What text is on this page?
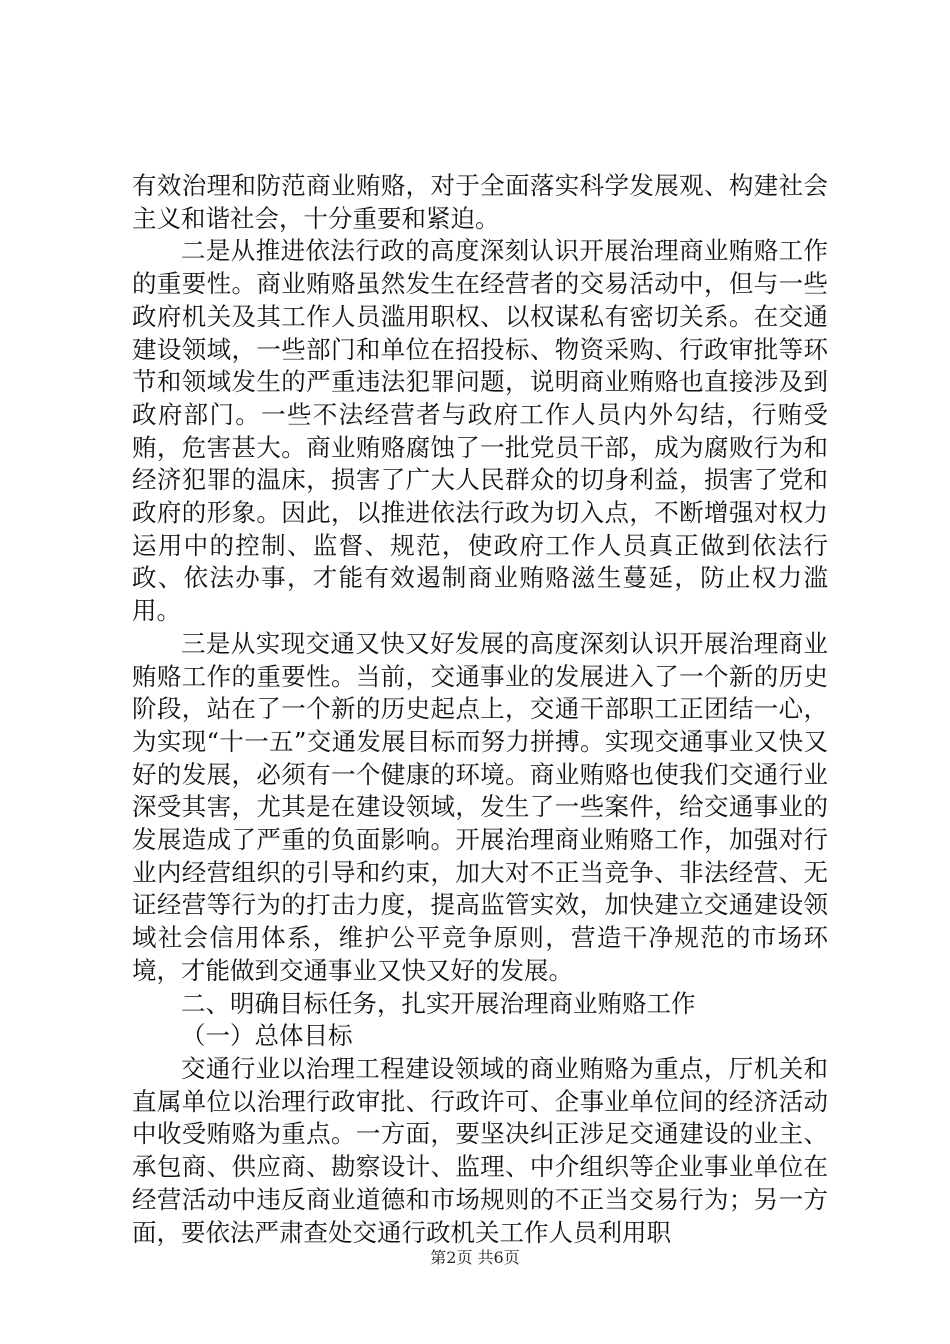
有效治理和防范商业贿赂，对于全面落实科学发展观、构建社会主义和谐社会，十分重要和紧迫。

二是从推进依法行政的高度深刻认识开展治理商业贿赂工作的重要性。商业贿赂虽然发生在经营者的交易活动中，但与一些政府机关及其工作人员滥用职权、以权谋私有密切关系。在交通建设领域，一些部门和单位在招投标、物资采购、行政审批等环节和领域发生的严重违法犯罪问题，说明商业贿赂也直接涉及到政府部门。一些不法经营者与政府工作人员内外勾结，行贿受贿，危害甚大。商业贿赂腐蚀了一批党员干部，成为腐败行为和经济犯罪的温床，损害了广大人民群众的切身利益，损害了党和政府的形象。因此，以推进依法行政为切入点，不断增强对权力运用中的控制、监督、规范，使政府工作人员真正做到依法行政、依法办事，才能有效遏制商业贿赂滋生蔓延，防止权力滥用。

三是从实现交通又快又好发展的高度深刻认识开展治理商业贿赂工作的重要性。当前，交通事业的发展进入了一个新的历史阶段，站在了一个新的历史起点上，交通干部职工正团结一心，为实现“十一五”交通发展目标而努力拼搏。实现交通事业又快又好的发展，必须有一个健康的环境。商业贿赂也使我们交通行业深受其害，尤其是在建设领域，发生了一些案件，给交通事业的发展造成了严重的负面影响。开展治理商业贿赂工作，加强对行业内经营组织的引导和约束，加大对不正当竞争、非法经营、无证经营等行为的打击力度，提高监管实效，加快建立交通建设领域社会信用体系，维护公平竞争原则，营造干净规范的市场环境，才能做到交通事业又快又好的发展。

二、明确目标任务，扎实开展治理商业贿赂工作

（一）总体目标

交通行业以治理工程建设领域的商业贿赂为重点，厅机关和直属单位以治理行政审批、行政许可、企事业单位间的经济活动中收受贿赂为重点。一方面，要坚决纠正涉足交通建设的业主、承包商、供应商、勘察设计、监理、中介组织等企业事业单位在经营活动中违反商业道德和市场规则的不正当交易行为；另一方面，要依法严肃查处交通行政机关工作人员利用职

第2页 共6页
